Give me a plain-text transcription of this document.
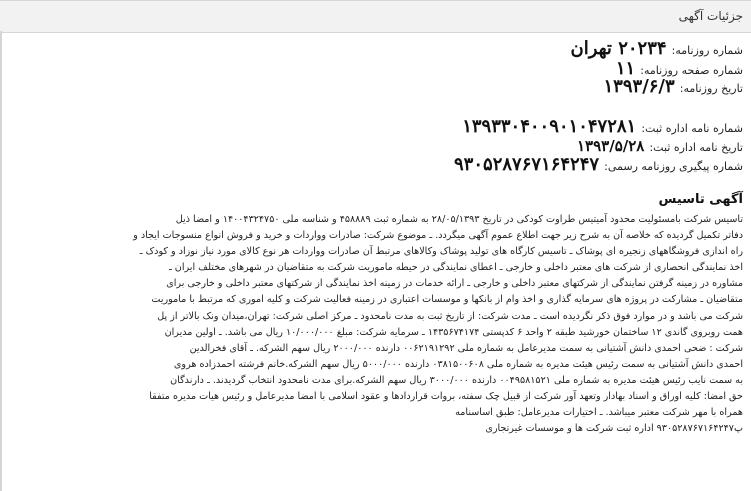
جزئیات آگهی
شماره روزنامه: ۲۰۲۳۴ تهران
شماره صفحه روزنامه: ۱۱
تاریخ روزنامه: ۱۳۹۳/۶/۳
شماره نامه اداره ثبت: ۱۳۹۳۳۰۴۰۰۹۰۱۰۴۷۲۸۱
تاریخ نامه اداره ثبت: ۱۳۹۳/۵/۲۸
شماره پیگیری روزنامه رسمی: ۹۳۰۵۲۸۷۶۷۱۶۴۲۴۷
آگهی تاسیس
تاسیس شرکت بامسئولیت محدود آمیتیس طراوت کودکی در تاریخ ۲۸/۰۵/۱۳۹۳ به شماره ثبت ۴۵۸۸۸۹ و شناسه ملی ۱۴۰۰۴۳۲۴۷۵۰ و امضا ذیل
دفاتر تکمیل گردیده که خلاصه آن به شرح زیر جهت اطلاع عموم آگهی میگردد. ـ موضوع شرکت: صادرات وواردات و خرید و فروش انواع منسوجات ایجاد و
راه اندازی فروشگاههای زنجیره ای پوشاک ـ تاسیس کارگاه های تولید پوشاک وکالاهای مرتبط آن صادرات وواردات هر نوع کالای مورد نیاز نوزاد و کودک ـ
اخذ نمایندگی انحصاری از شرکت های معتبر داخلی و خارجی ـ اعطای نمایندگی در حیطه ماموریت شرکت به متقاضیان در شهرهای مختلف ایران ـ
مشاوره در زمینه گرفتن نمایندگی از شرکتهای معتبر داخلی و خارجی ـ ارائه خدمات در زمینه اخذ نمایندگی از شرکتهای معتبر داخلی و خارجی برای
متقاضیان ـ مشارکت در پروژه های سرمایه گذاری و اخذ وام از بانکها و موسسات اعتباری در زمینه فعالیت شرکت و کلیه اموری که مرتبط با ماموریت
شرکت می باشد و در موارد فوق ذکر نگردیده است ـ مدت شرکت: از تاریخ ثبت به مدت نامحدود ـ مرکز اصلی شرکت: تهران،میدان ونک بالاتر از پل
همت روبروی گاندی ۱۲ ساختمان خورشید طبقه ۲ واحد ۶ کدپستی ۱۴۳۵۶۷۴۱۷۴ ـ سرمایه شرکت: مبلغ ۱۰/۰۰۰/۰۰۰ ریال می باشد. ـ اولین مدیران
شرکت : ضحی احمدی دانش آشتیانی به سمت مدیرعامل به شماره ملی ۰۰۶۲۱۹۱۲۹۲ دارنده ۲۰۰۰/۰۰۰ ریال سهم الشرکه. ـ آقای فخرالدین
احمدی دانش آشتیانی به سمت رئیس هیئت مدیره به شماره ملی ۰۳۸۱۵۰۰۶۰۸ دارنده ۵۰۰۰/۰۰۰ ریال سهم الشرکه.خانم فرشته احمدزاده هروی
به سمت نایب رئیس هیئت مدیره به شماره ملی ۰۰۴۹۵۸۱۵۲۱ دارنده ۳۰۰۰/۰۰۰ ریال سهم الشرکه.برای مدت نامحدود انتخاب گردیدند. ـ دارندگان
حق امضا: کلیه اوراق و اسناد بهادار وتعهد آور شرکت از قبیل چک سفته، بروات قراردادها و عقود اسلامی با امضا مدیرعامل و رئیس هیات مدیره متفقا
همراه با مهر شرکت معتبر میباشد. ـ اختیارات مدیرعامل: طبق اساسنامه
پ۹۳۰۵۲۸۷۶۷۱۶۴۲۴۷ اداره ثبت شرکت ها و موسسات غیرتجاری
